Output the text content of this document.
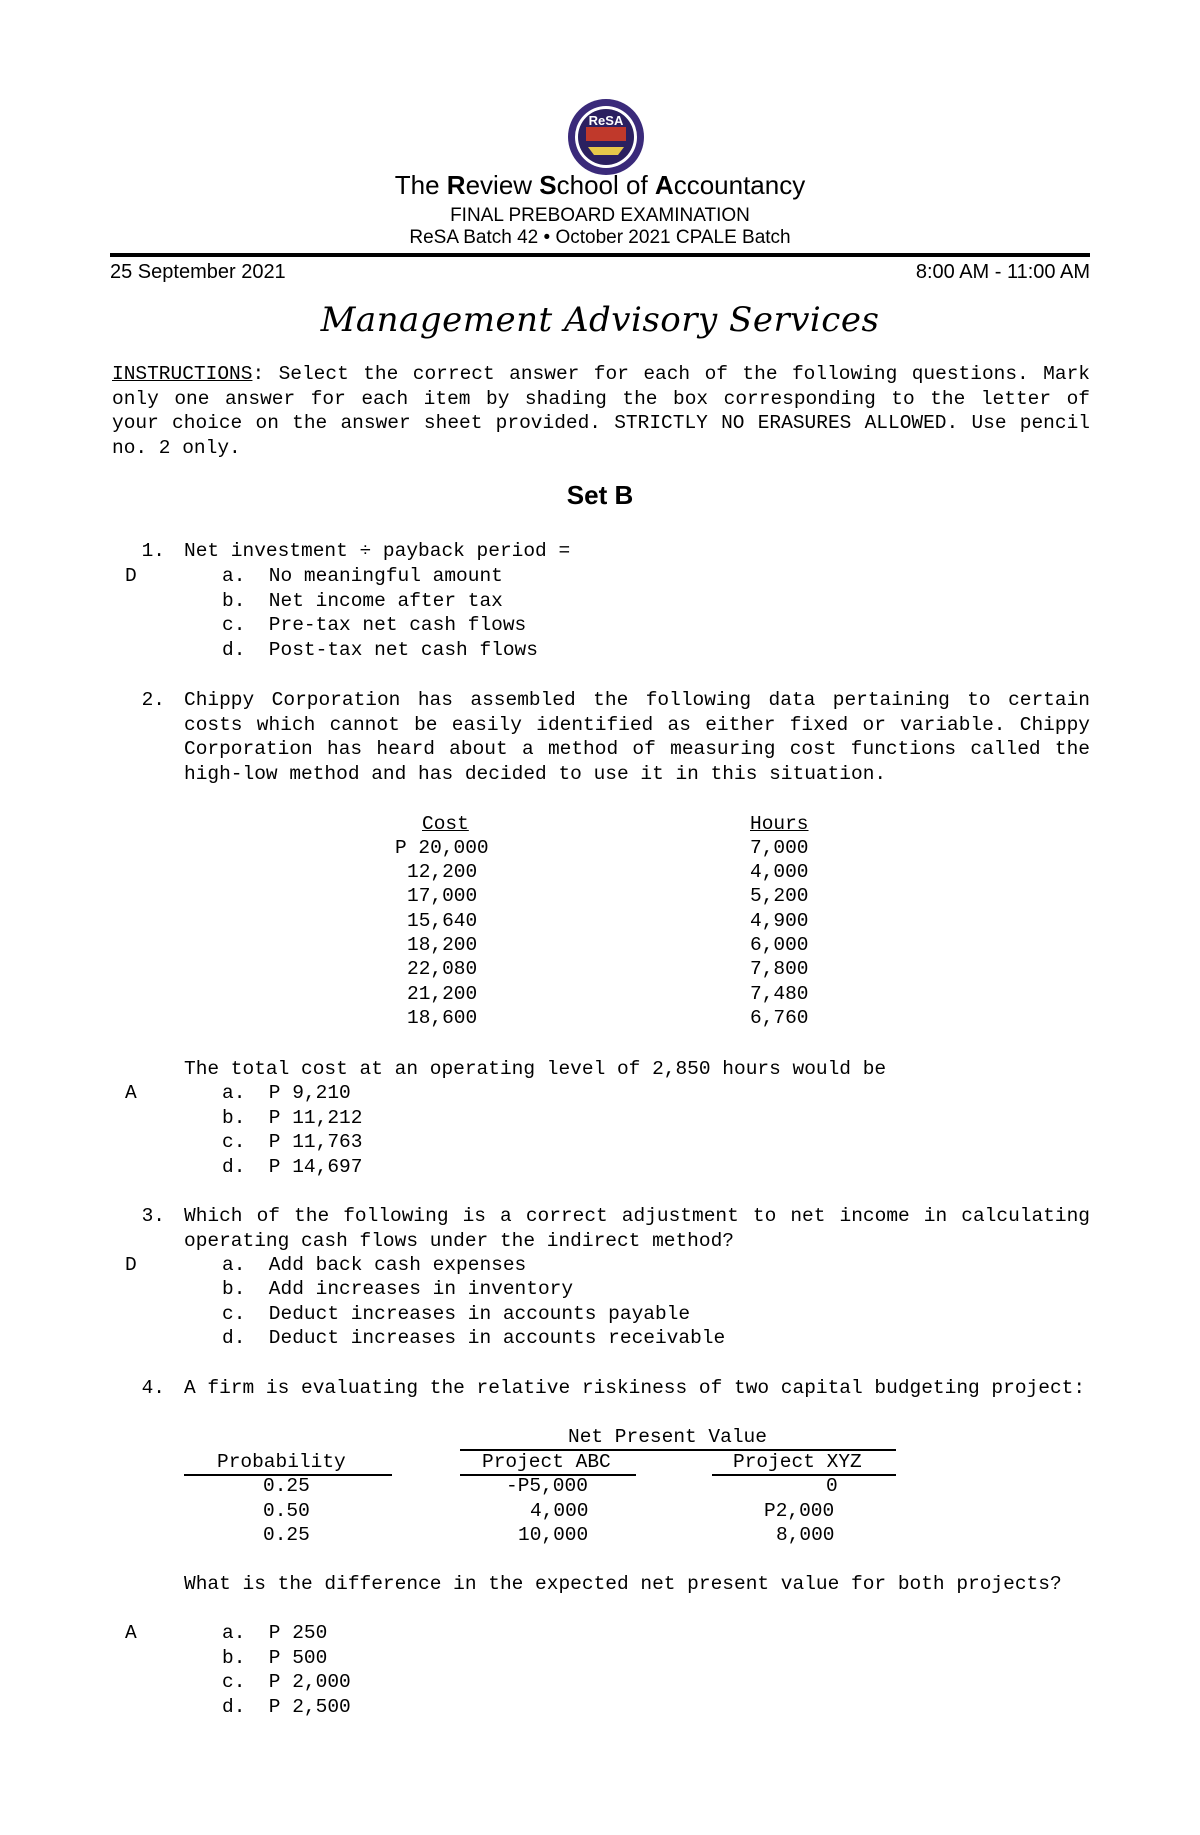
ReSA
The Review School of Accountancy
FINAL PREBOARD EXAMINATION
ReSA Batch 42 • October 2021 CPALE Batch
25 September 2021	8:00 AM - 11:00 AM
Management Advisory Services
INSTRUCTIONS: Select the correct answer for each of the following questions. Mark only one answer for each item by shading the box corresponding to the letter of your choice on the answer sheet provided. STRICTLY NO ERASURES ALLOWED. Use pencil no. 2 only.
Set B
1. Net investment ÷ payback period =
D	a.  No meaningful amount
b.  Net income after tax
c.  Pre-tax net cash flows
d.  Post-tax net cash flows
2. Chippy Corporation has assembled the following data pertaining to certain costs which cannot be easily identified as either fixed or variable. Chippy Corporation has heard about a method of measuring cost functions called the high-low method and has decided to use it in this situation.
Cost	Hours
P 20,000	7,000
12,200	4,000
17,000	5,200
15,640	4,900
18,200	6,000
22,080	7,800
21,200	7,480
18,600	6,760
The total cost at an operating level of 2,850 hours would be
A	a.  P 9,210
b.  P 11,212
c.  P 11,763
d.  P 14,697
3. Which of the following is a correct adjustment to net income in calculating operating cash flows under the indirect method?
D	a.  Add back cash expenses
b.  Add increases in inventory
c.  Deduct increases in accounts payable
d.  Deduct increases in accounts receivable
4. A firm is evaluating the relative riskiness of two capital budgeting project:
Net Present Value
Probability	Project ABC	Project XYZ
0.25	-P5,000	0
0.50	4,000	P2,000
0.25	10,000	8,000
What is the difference in the expected net present value for both projects?
A	a.  P 250
b.  P 500
c.  P 2,000
d.  P 2,500
